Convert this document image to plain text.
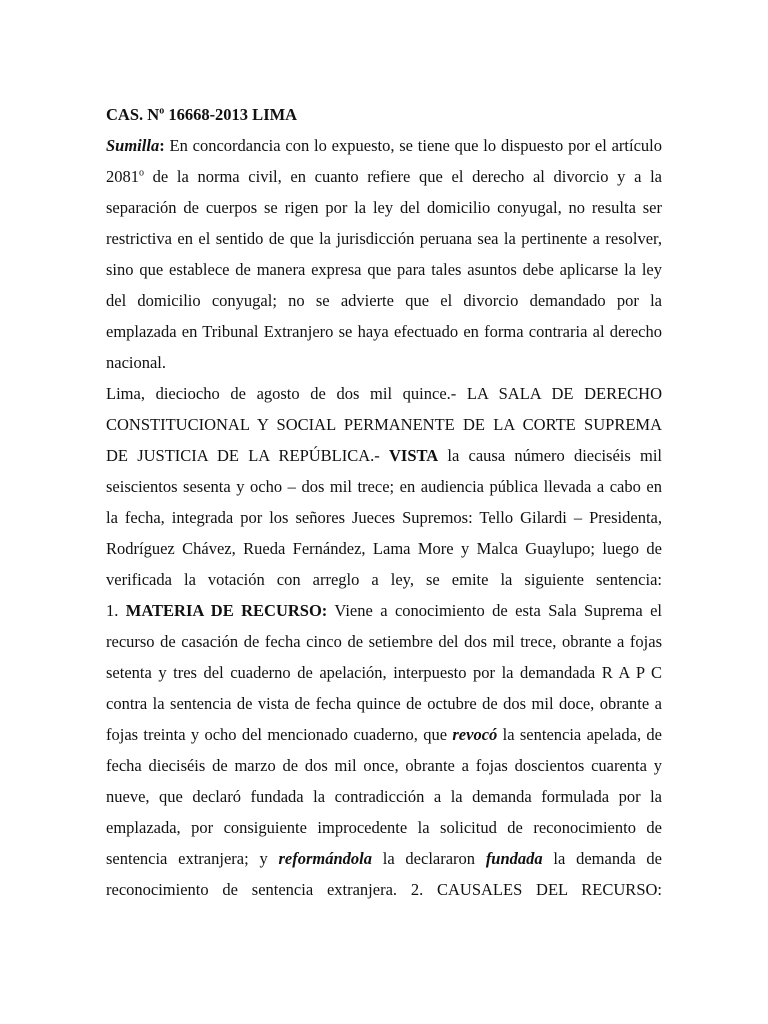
CAS. $N^o$ 16668-2013 LIMA
Sumilla: En concordancia con lo expuesto, se tiene que lo dispuesto por el artículo
2081$^o$ de la norma civil, en cuanto refiere que el derecho al divorcio y a la
separación de cuerpos se rigen por la ley del domicilio conyugal, no resulta ser
restrictiva en el sentido de que la jurisdicción peruana sea la pertinente a resolver,
sino que establece de manera expresa que para tales asuntos debe aplicarse la ley
del domicilio conyugal; no se advierte que el divorcio demandado por la
emplazada en Tribunal Extranjero se haya efectuado en forma contraria al derecho
nacional.
Lima, dieciocho de agosto de dos mil quince.- LA SALA DE DERECHO
CONSTITUCIONAL Y SOCIAL PERMANENTE DE LA CORTE SUPREMA
DE JUSTICIA DE LA REPÚBLICA.- VISTA la causa número dieciséis mil
seiscientos sesenta y ocho – dos mil trece; en audiencia pública llevada a cabo en
la fecha, integrada por los señores Jueces Supremos: Tello Gilardi – Presidenta,
Rodríguez Chávez, Rueda Fernández, Lama More y Malca Guaylupo; luego de
verificada la votación con arreglo a ley, se emite la siguiente sentencia:
1. MATERIA DE RECURSO: Viene a conocimiento de esta Sala Suprema el
recurso de casación de fecha cinco de setiembre del dos mil trece, obrante a fojas
setenta y tres del cuaderno de apelación, interpuesto por la demandada R A P C
contra la sentencia de vista de fecha quince de octubre de dos mil doce, obrante a
fojas treinta y ocho del mencionado cuaderno, que revocó la sentencia apelada, de
fecha dieciséis de marzo de dos mil once, obrante a fojas doscientos cuarenta y
nueve, que declaró fundada la contradicción a la demanda formulada por la
emplazada, por consiguiente improcedente la solicitud de reconocimiento de
sentencia extranjera; y reformándola la declararon fundada la demanda de
reconocimiento de sentencia extranjera. 2. CAUSALES DEL RECURSO:
